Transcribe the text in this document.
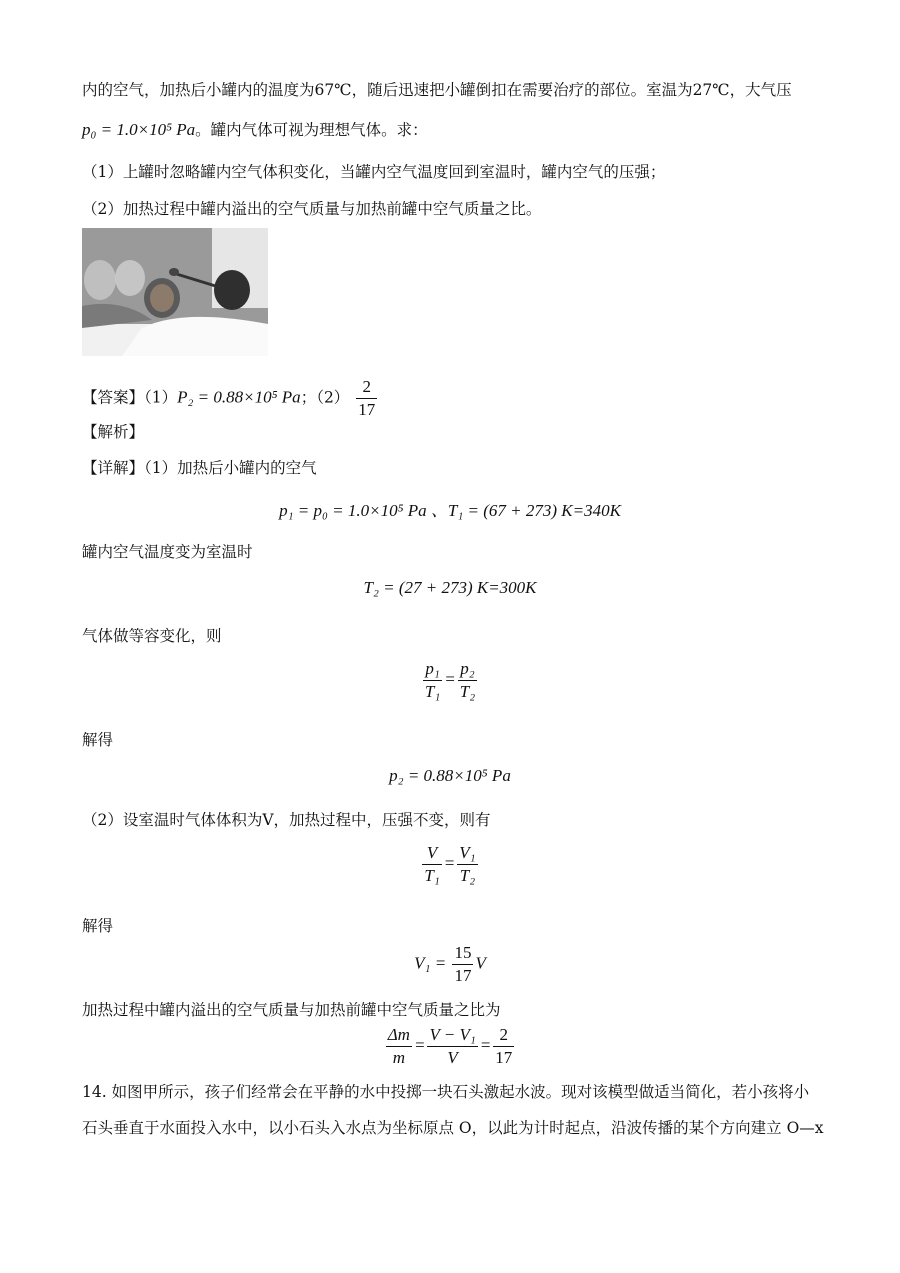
内的空气，加热后小罐内的温度为67℃，随后迅速把小罐倒扣在需要治疗的部位。室温为27℃，大气压
p₀ = 1.0×10⁵ Pa。罐内气体可视为理想气体。求：
（1）上罐时忽略罐内空气体积变化，当罐内空气温度回到室温时，罐内空气的压强；
（2）加热过程中罐内溢出的空气质量与加热前罐中空气质量之比。
【答案】（1）P₂ = 0.88×10⁵ Pa；$(2) \frac{2}{17}$
【解析】
【详解】（1）加热后小罐内的空气
p₁ = p₀ = 1.0×10⁵ Pa 、T₁ = (67 + 273) K=340K
罐内空气温度变为室温时
T₂ = (27 + 273) K=300K
气体做等容变化，则
$\frac{\text{p₁}}{\text{T₁}} = \frac{\text{p₂}}{\text{T₂}}$
解得
p₂ = 0.88×10⁵ Pa
（2）设室温时气体体积为V，加热过程中，压强不变，则有
$\frac{V}{\text{T₁}} = \frac{\text{V₁}}{\text{T₂}}$
解得
$V_1 = \frac{15}{17}$ V
加热过程中罐内溢出的空气质量与加热前罐中空气质量之比为
$\frac{\Delta m}{m} = \frac{\text{V − V₁}}{V} = \frac{2}{17}$
14. 如图甲所示，孩子们经常会在平静的水中投掷一块石头激起水波。现对该模型做适当简化，若小孩将小
石头垂直于水面投入水中，以小石头入水点为坐标原点 O，以此为计时起点，沿波传播的某个方向建立 O—x
